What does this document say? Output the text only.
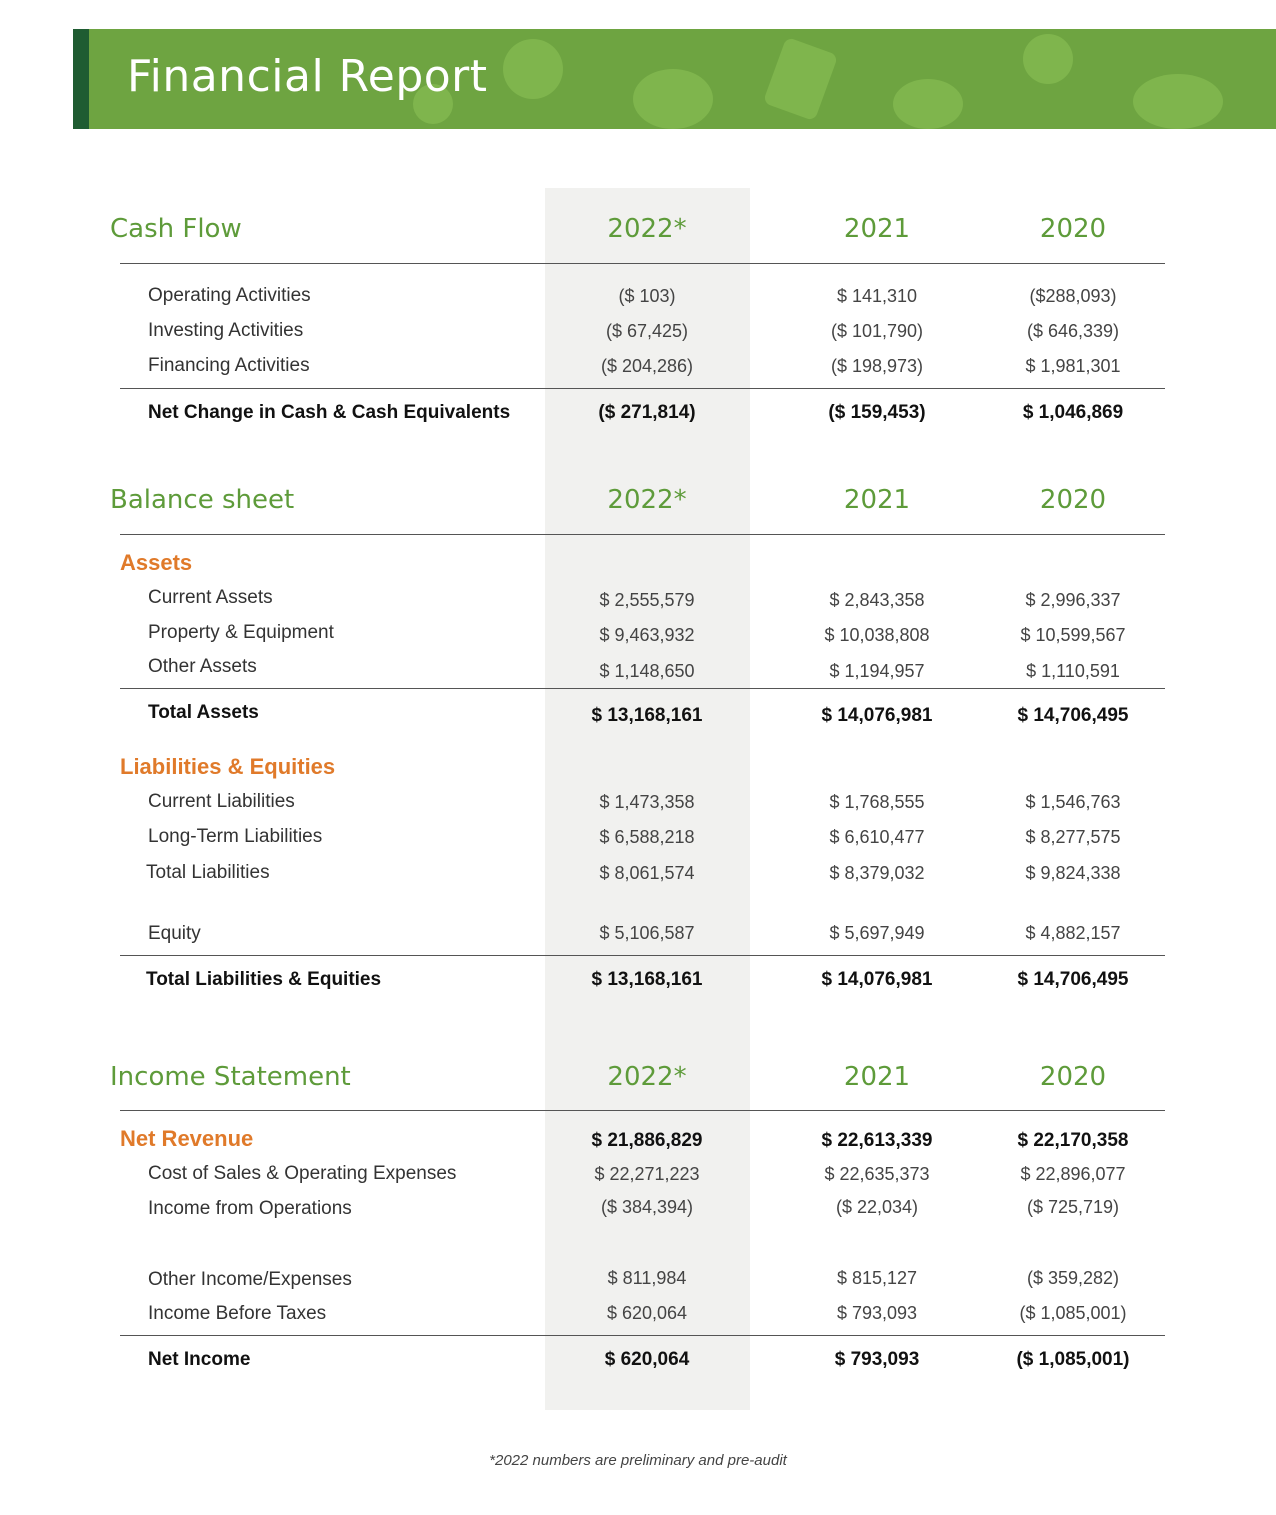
Financial Report
Cash Flow	2022*	2021	2020
Operating Activities	($ 103)	$ 141,310	($288,093)
Investing Activities	($ 67,425)	($ 101,790)	($ 646,339)
Financing Activities	($ 204,286)	($ 198,973)	$ 1,981,301
Net Change in Cash & Cash Equivalents	($ 271,814)	($ 159,453)	$ 1,046,869
Balance sheet	2022*	2021	2020
Assets
Current Assets	$ 2,555,579	$ 2,843,358	$ 2,996,337
Property & Equipment	$ 9,463,932	$ 10,038,808	$ 10,599,567
Other Assets	$ 1,148,650	$ 1,194,957	$ 1,110,591
Total Assets	$ 13,168,161	$ 14,076,981	$ 14,706,495
Liabilities & Equities
Current Liabilities	$ 1,473,358	$ 1,768,555	$ 1,546,763
Long-Term Liabilities	$ 6,588,218	$ 6,610,477	$ 8,277,575
Total Liabilities	$ 8,061,574	$ 8,379,032	$ 9,824,338
Equity	$ 5,106,587	$ 5,697,949	$ 4,882,157
Total Liabilities & Equities	$ 13,168,161	$ 14,076,981	$ 14,706,495
Income Statement	2022*	2021	2020
Net Revenue	$ 21,886,829	$ 22,613,339	$ 22,170,358
Cost of Sales & Operating Expenses	$ 22,271,223	$ 22,635,373	$ 22,896,077
Income from Operations	($ 384,394)	($ 22,034)	($ 725,719)
Other Income/Expenses	$ 811,984	$ 815,127	($ 359,282)
Income Before Taxes	$ 620,064	$ 793,093	($ 1,085,001)
Net Income	$ 620,064	$ 793,093	($ 1,085,001)
*2022 numbers are preliminary and pre-audit
